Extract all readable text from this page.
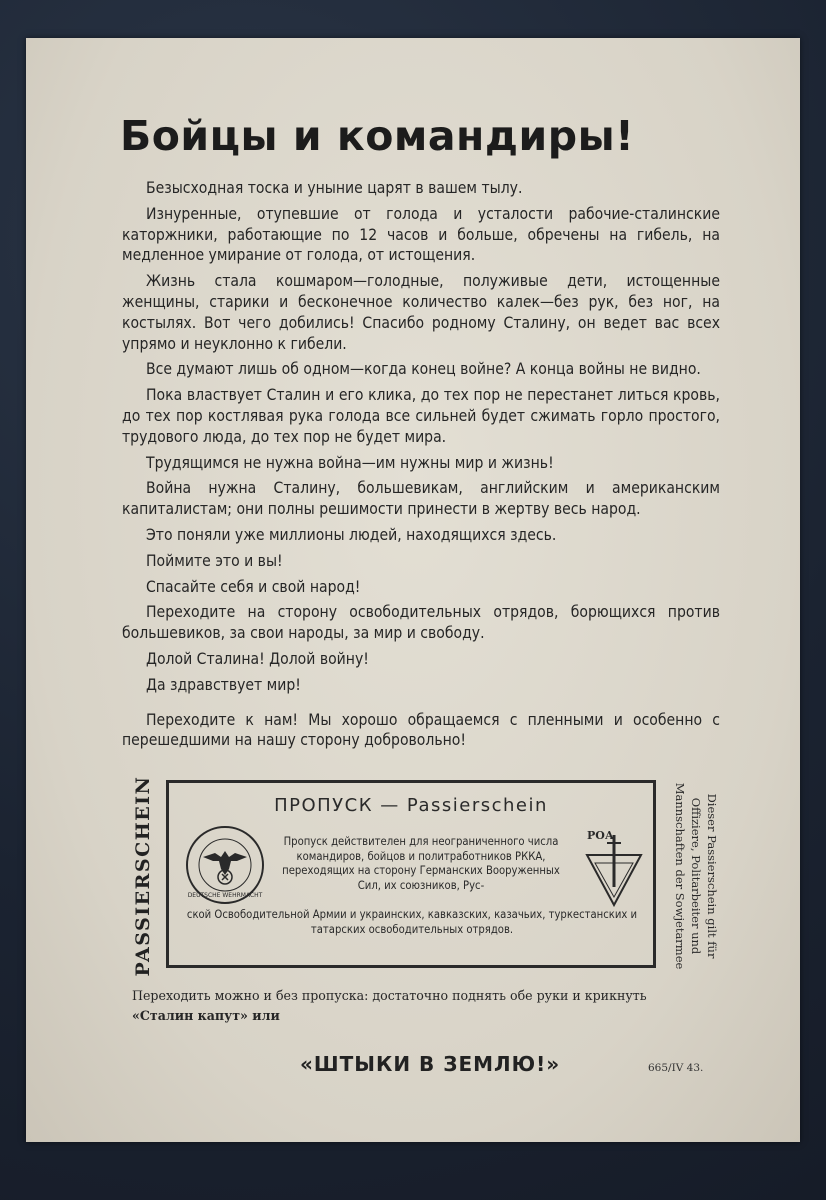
Бойцы и командиры!

Безысходная тоска и уныние царят в вашем тылу.

Изнуренные, отупевшие от голода и усталости рабочие-сталинские каторжники, работающие по 12 часов и больше, обречены на гибель, на медленное умирание от голода, от истощения.

Жизнь стала кошмаром—голодные, полуживые дети, истощенные женщины, старики и бесконечное количество калек—без рук, без ног, на костылях. Вот чего добились! Спасибо родному Сталину, он ведет вас всех упрямо и неуклонно к гибели.

Все думают лишь об одном—когда конец войне? А конца войны не видно.

Пока властвует Сталин и его клика, до тех пор не перестанет литься кровь, до тех пор костлявая рука голода все сильней будет сжимать горло простого, трудового люда, до тех пор не будет мира.

Трудящимся не нужна война—им нужны мир и жизнь!

Война нужна Сталину, большевикам, английским и американским капиталистам; они полны решимости принести в жертву весь народ.

Это поняли уже миллионы людей, находящихся здесь.

Поймите это и вы!

Спасайте себя и свой народ!

Переходите на сторону освободительных отрядов, борющихся против большевиков, за свои народы, за мир и свободу.

Долой Сталина! Долой войну!

Да здравствует мир!

Переходите к нам! Мы хорошо обращаемся с пленными и особенно с перешедшими на нашу сторону добровольно!

PASSIERSCHEIN	ПРОПУСК — Passierschein
DEUTSCHE WEHRMACHT
Пропуск действителен для неограниченного числа командиров, бойцов и политработников РККА, переходящих на сторону Германских Вооруженных Сил, их союзников, Рус-
РОА
ской Освободительной Армии и украинских, кавказских, казачьих, туркестанских и татарских освободительных отрядов.	Dieser Passierschein gilt für
Offiziere, Politarbeiter und
Mannschaften der Sowjetarmee
Переходить можно и без пропуска: достаточно поднять обе руки и крикнуть
«Сталин капут» или
«ШТЫКИ В ЗЕМЛЮ!»	665/IV 43.
